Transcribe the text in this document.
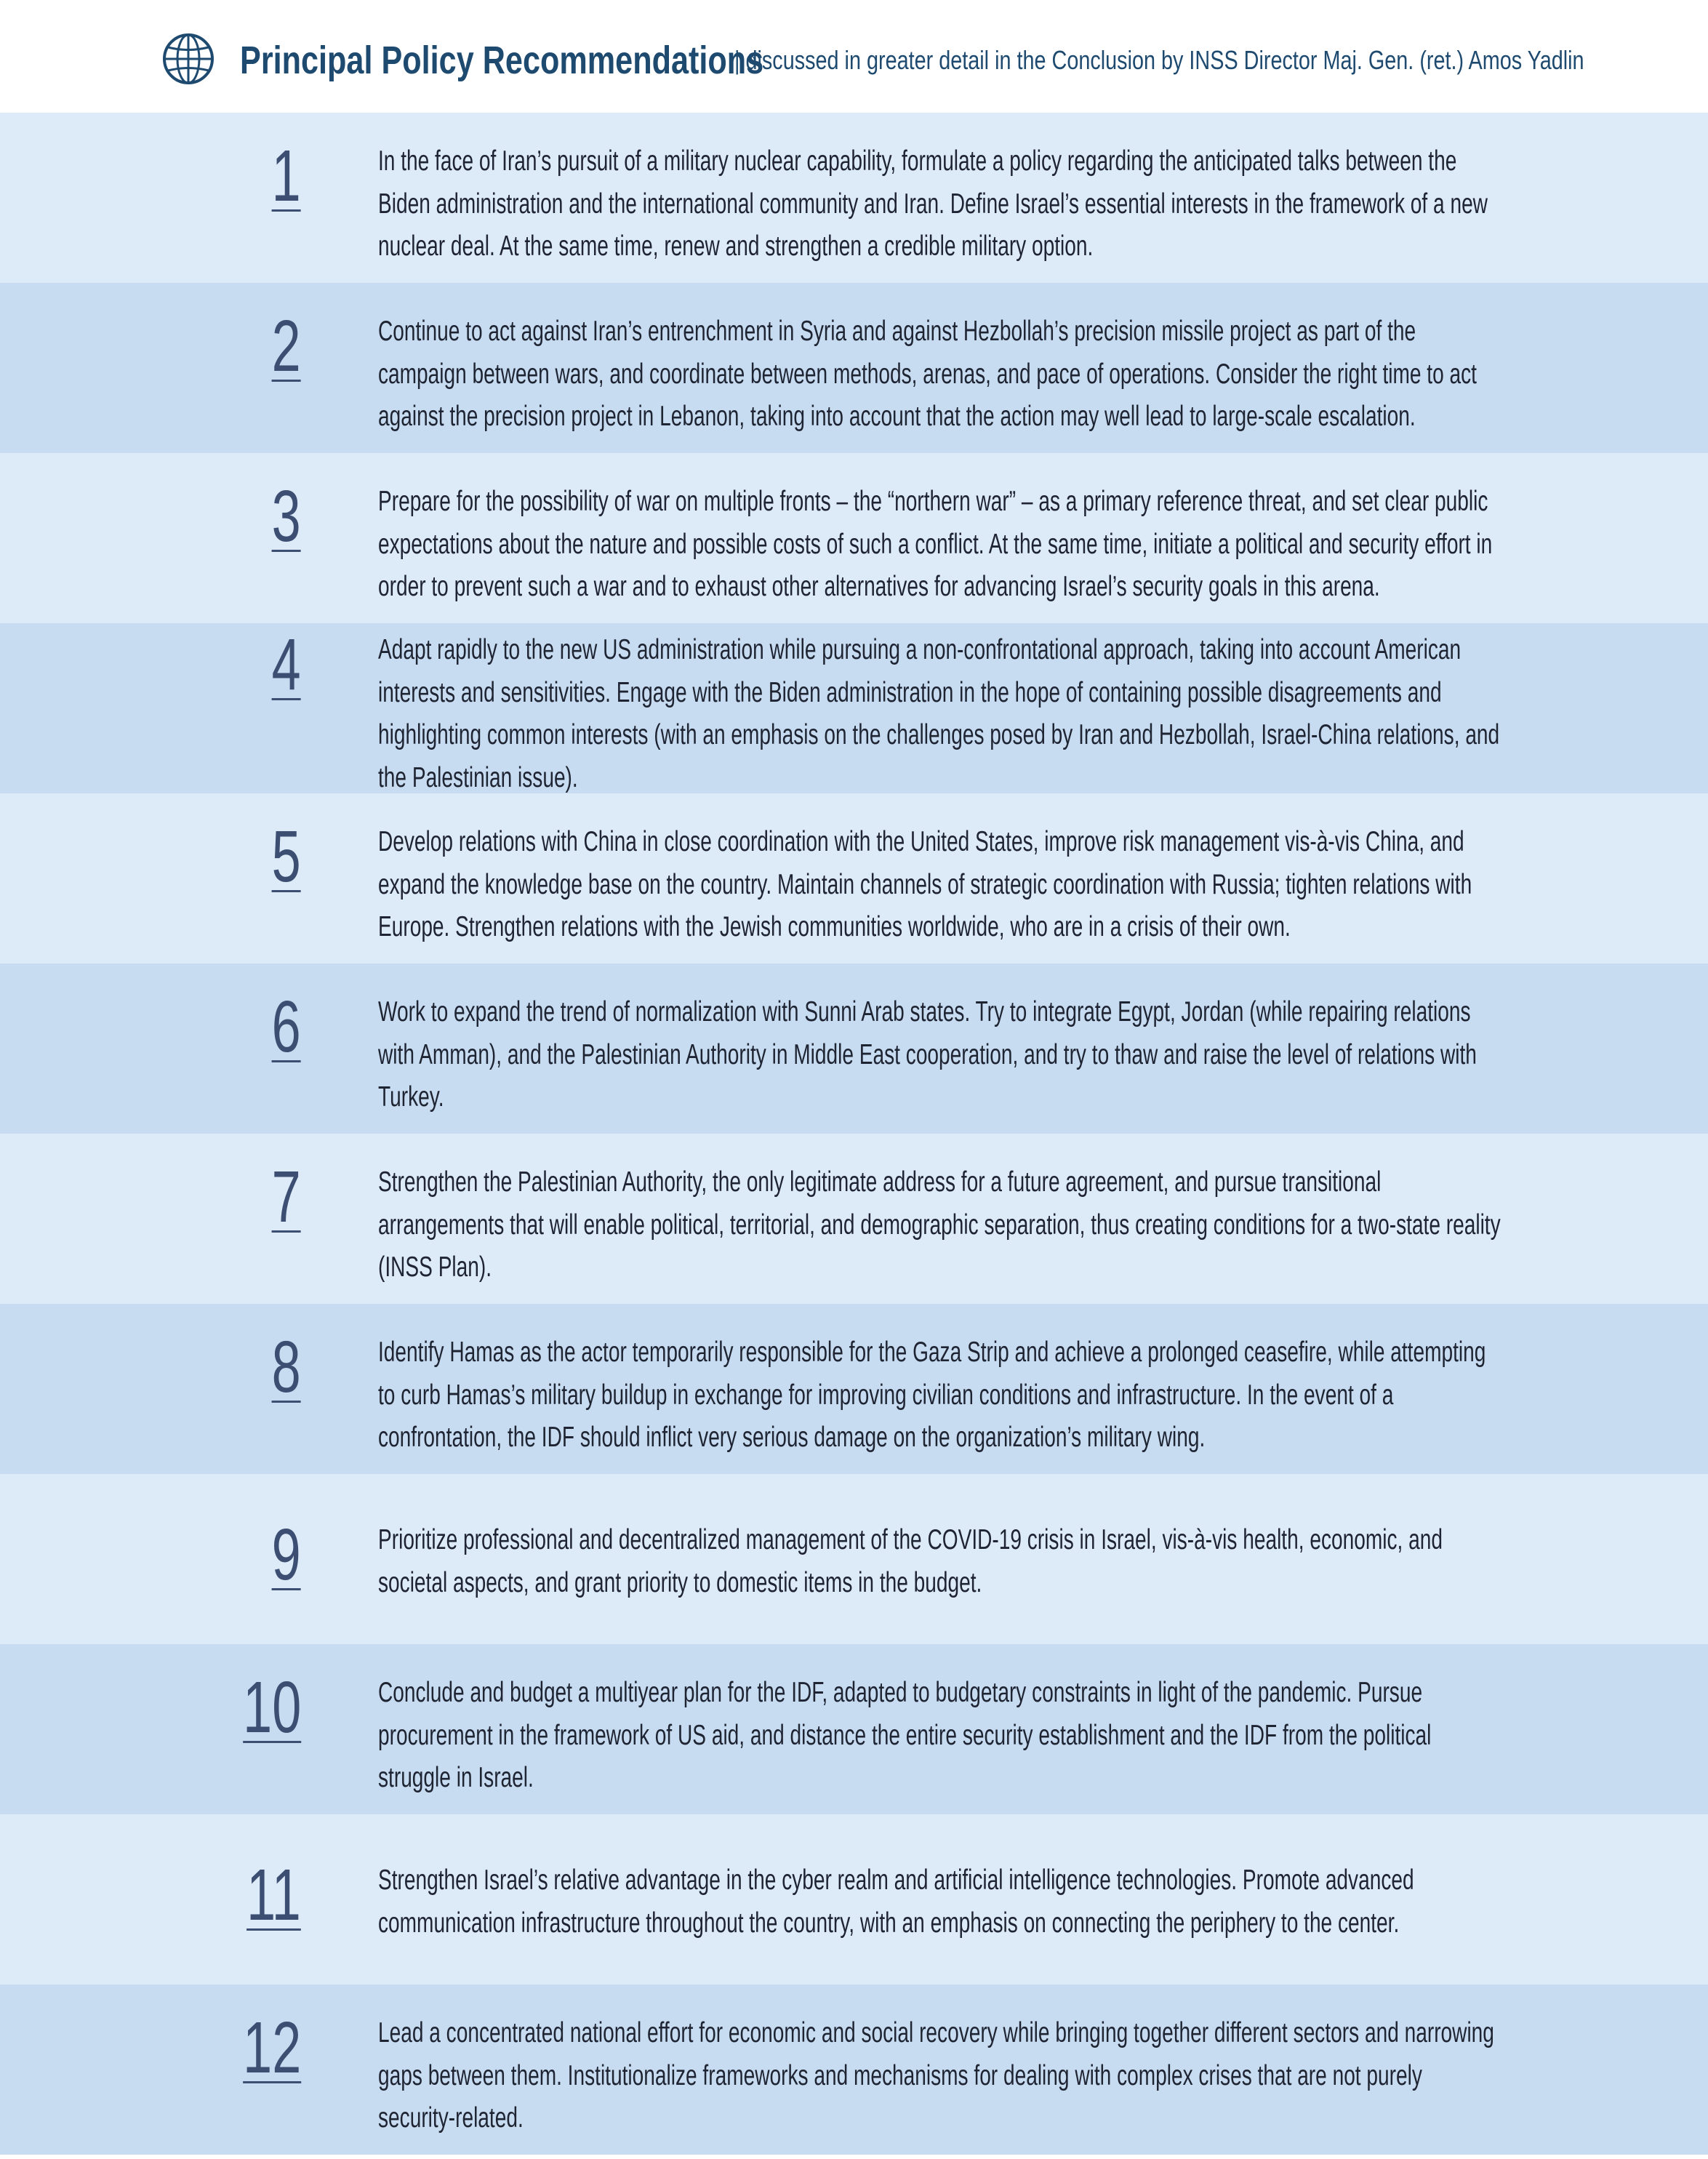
Principal Policy Recommendations
| discussed in greater detail in the Conclusion by INSS Director Maj. Gen. (ret.) Amos Yadlin
1	In the face of Iran’s pursuit of a military nuclear capability, formulate a policy regarding the anticipated talks between the Biden administration and the international community and Iran. Define Israel’s essential interests in the framework of a new nuclear deal. At the same time, renew and strengthen a credible military option.
2	Continue to act against Iran’s entrenchment in Syria and against Hezbollah’s precision missile project as part of the campaign between wars, and coordinate between methods, arenas, and pace of operations. Consider the right time to act against the precision project in Lebanon, taking into account that the action may well lead to large-scale escalation.
3	Prepare for the possibility of war on multiple fronts – the “northern war” – as a primary reference threat, and set clear public expectations about the nature and possible costs of such a conflict. At the same time, initiate a political and security effort in order to prevent such a war and to exhaust other alternatives for advancing Israel’s security goals in this arena.
4	Adapt rapidly to the new US administration while pursuing a non-confrontational approach, taking into account American interests and sensitivities. Engage with the Biden administration in the hope of containing possible disagreements and highlighting common interests (with an emphasis on the challenges posed by Iran and Hezbollah, Israel-China relations, and the Palestinian issue).
5	Develop relations with China in close coordination with the United States, improve risk management vis-à-vis China, and expand the knowledge base on the country. Maintain channels of strategic coordination with Russia; tighten relations with Europe. Strengthen relations with the Jewish communities worldwide, who are in a crisis of their own.
6	Work to expand the trend of normalization with Sunni Arab states. Try to integrate Egypt, Jordan (while repairing relations with Amman), and the Palestinian Authority in Middle East cooperation, and try to thaw and raise the level of relations with Turkey.
7	Strengthen the Palestinian Authority, the only legitimate address for a future agreement, and pursue transitional arrangements that will enable political, territorial, and demographic separation, thus creating conditions for a two-state reality (INSS Plan).
8	Identify Hamas as the actor temporarily responsible for the Gaza Strip and achieve a prolonged ceasefire, while attempting to curb Hamas’s military buildup in exchange for improving civilian conditions and infrastructure. In the event of a confrontation, the IDF should inflict very serious damage on the organization’s military wing.
9	Prioritize professional and decentralized management of the COVID-19 crisis in Israel, vis-à-vis health, economic, and societal aspects, and grant priority to domestic items in the budget.
10	Conclude and budget a multiyear plan for the IDF, adapted to budgetary constraints in light of the pandemic. Pursue procurement in the framework of US aid, and distance the entire security establishment and the IDF from the political struggle in Israel.
11	Strengthen Israel’s relative advantage in the cyber realm and artificial intelligence technologies. Promote advanced communication infrastructure throughout the country, with an emphasis on connecting the periphery to the center.
12	Lead a concentrated national effort for economic and social recovery while bringing together different sectors and narrowing gaps between them. Institutionalize frameworks and mechanisms for dealing with complex crises that are not purely security-related.
